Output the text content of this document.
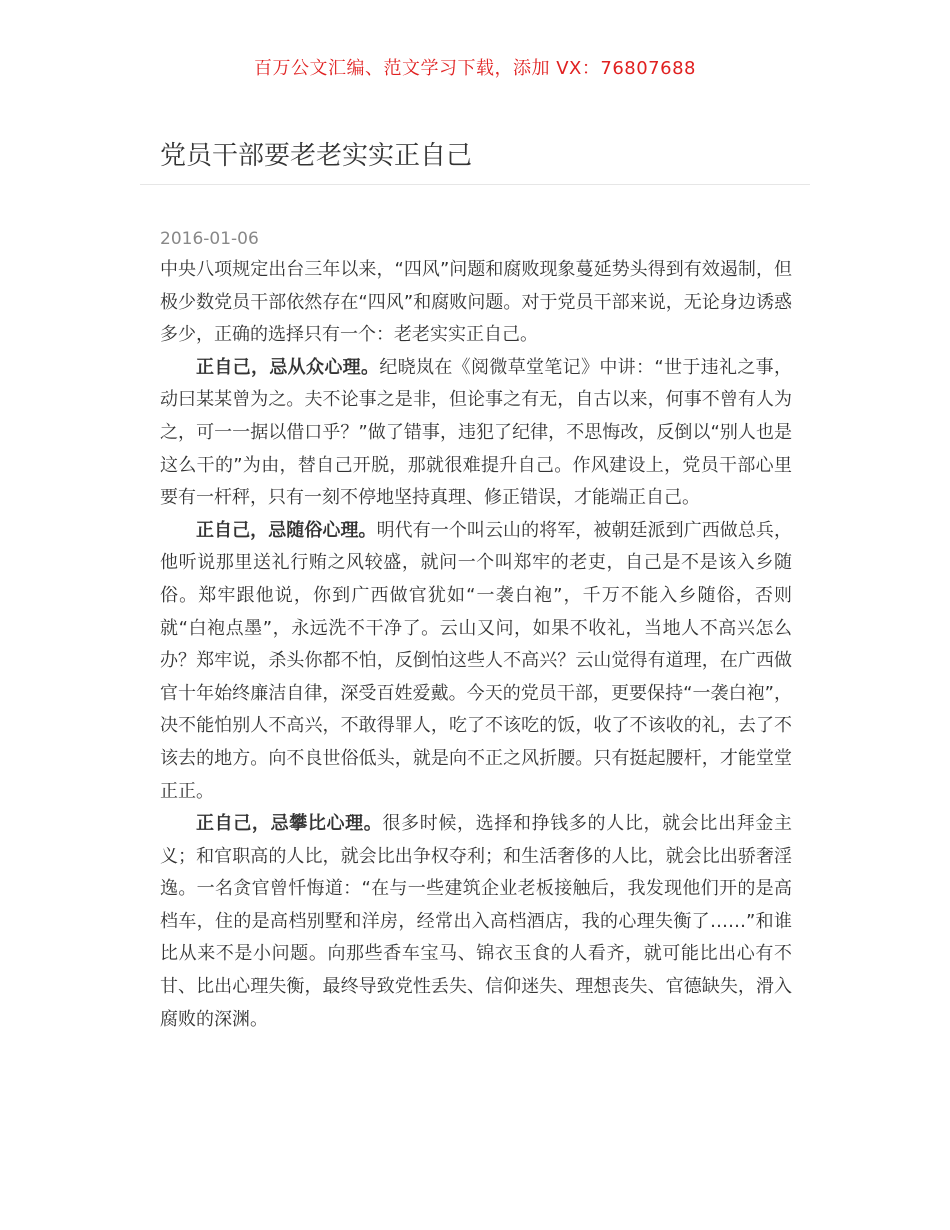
百万公文汇编、范文学习下载，添加 VX：76807688
党员干部要老老实实正自己
2016-01-06

中央八项规定出台三年以来，“四风”问题和腐败现象蔓延势头得到有效遏制，但极少数党员干部依然存在“四风”和腐败问题。对于党员干部来说，无论身边诱惑多少，正确的选择只有一个：老老实实正自己。

正自己，忌从众心理。纪晓岚在《阅微草堂笔记》中讲：“世于违礼之事，动曰某某曾为之。夫不论事之是非，但论事之有无，自古以来，何事不曾有人为之，可一一据以借口乎？”做了错事，违犯了纪律，不思悔改，反倒以“别人也是这么干的”为由，替自己开脱，那就很难提升自己。作风建设上，党员干部心里要有一杆秤，只有一刻不停地坚持真理、修正错误，才能端正自己。

正自己，忌随俗心理。明代有一个叫云山的将军，被朝廷派到广西做总兵，他听说那里送礼行贿之风较盛，就问一个叫郑牢的老吏，自己是不是该入乡随俗。郑牢跟他说，你到广西做官犹如“一袭白袍”，千万不能入乡随俗，否则就“白袍点墨”，永远洗不干净了。云山又问，如果不收礼，当地人不高兴怎么办？郑牢说，杀头你都不怕，反倒怕这些人不高兴？云山觉得有道理，在广西做官十年始终廉洁自律，深受百姓爱戴。今天的党员干部，更要保持“一袭白袍”，决不能怕别人不高兴，不敢得罪人，吃了不该吃的饭，收了不该收的礼，去了不该去的地方。向不良世俗低头，就是向不正之风折腰。只有挺起腰杆，才能堂堂正正。

正自己，忌攀比心理。很多时候，选择和挣钱多的人比，就会比出拜金主义；和官职高的人比，就会比出争权夺利；和生活奢侈的人比，就会比出骄奢淫逸。一名贪官曾忏悔道：“在与一些建筑企业老板接触后，我发现他们开的是高档车，住的是高档别墅和洋房，经常出入高档酒店，我的心理失衡了……”和谁比从来不是小问题。向那些香车宝马、锦衣玉食的人看齐，就可能比出心有不甘、比出心理失衡，最终导致党性丢失、信仰迷失、理想丧失、官德缺失，滑入腐败的深渊。
